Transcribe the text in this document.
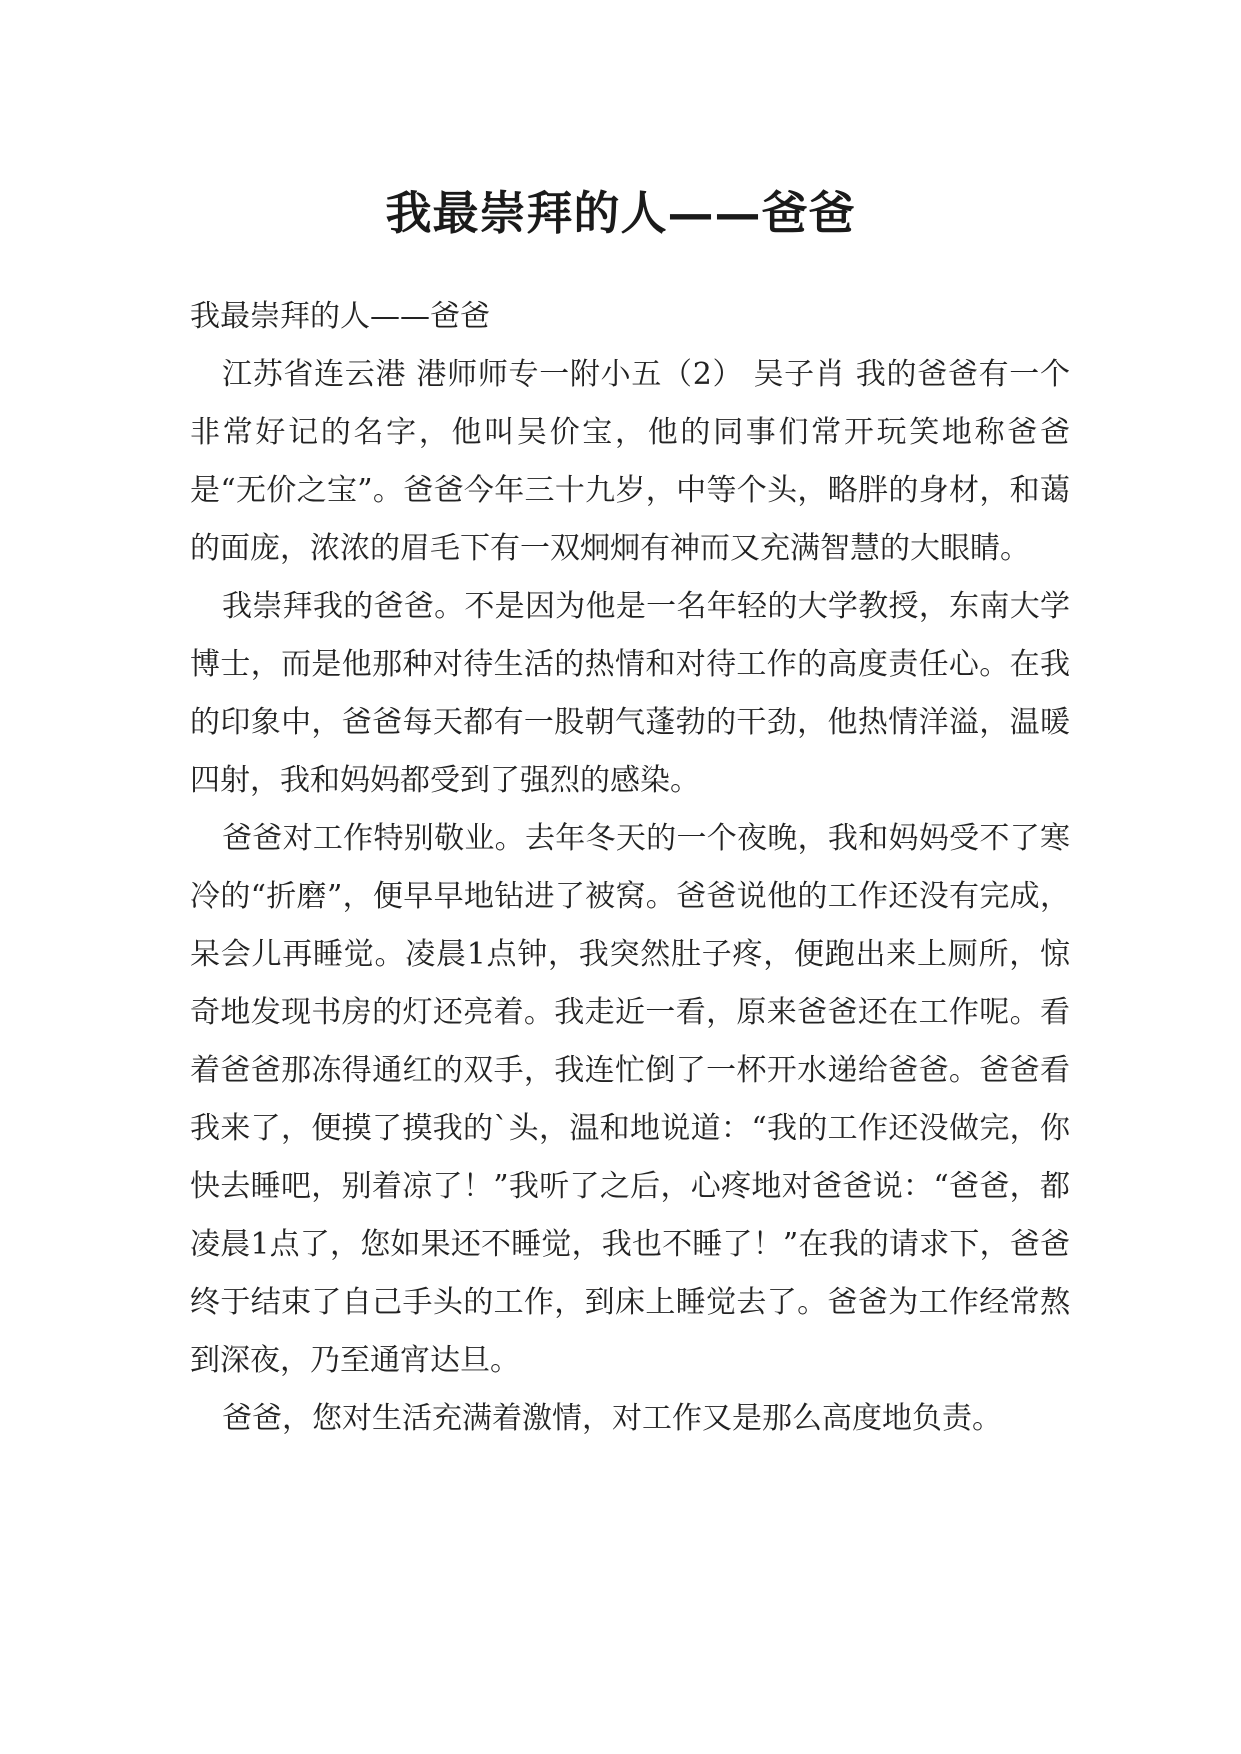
我最崇拜的人——爸爸

我最崇拜的人——爸爸

江苏省连云港 港师师专一附小五（2） 吴子肖 我的爸爸有一个非常好记的名字，他叫吴价宝，他的同事们常开玩笑地称爸爸是“无价之宝”。爸爸今年三十九岁，中等个头，略胖的身材，和蔼的面庞，浓浓的眉毛下有一双炯炯有神而又充满智慧的大眼睛。

我崇拜我的爸爸。不是因为他是一名年轻的大学教授，东南大学博士，而是他那种对待生活的热情和对待工作的高度责任心。在我的印象中，爸爸每天都有一股朝气蓬勃的干劲，他热情洋溢，温暖四射，我和妈妈都受到了强烈的感染。

爸爸对工作特别敬业。去年冬天的一个夜晚，我和妈妈受不了寒冷的“折磨”，便早早地钻进了被窝。爸爸说他的工作还没有完成，呆会儿再睡觉。凌晨1点钟，我突然肚子疼，便跑出来上厕所，惊奇地发现书房的灯还亮着。我走近一看，原来爸爸还在工作呢。看着爸爸那冻得通红的双手，我连忙倒了一杯开水递给爸爸。爸爸看我来了，便摸了摸我的`头，温和地说道：“我的工作还没做完，你快去睡吧，别着凉了！”我听了之后，心疼地对爸爸说：“爸爸，都凌晨1点了，您如果还不睡觉，我也不睡了！”在我的请求下，爸爸终于结束了自己手头的工作，到床上睡觉去了。爸爸为工作经常熬到深夜，乃至通宵达旦。

爸爸，您对生活充满着激情，对工作又是那么高度地负责。
